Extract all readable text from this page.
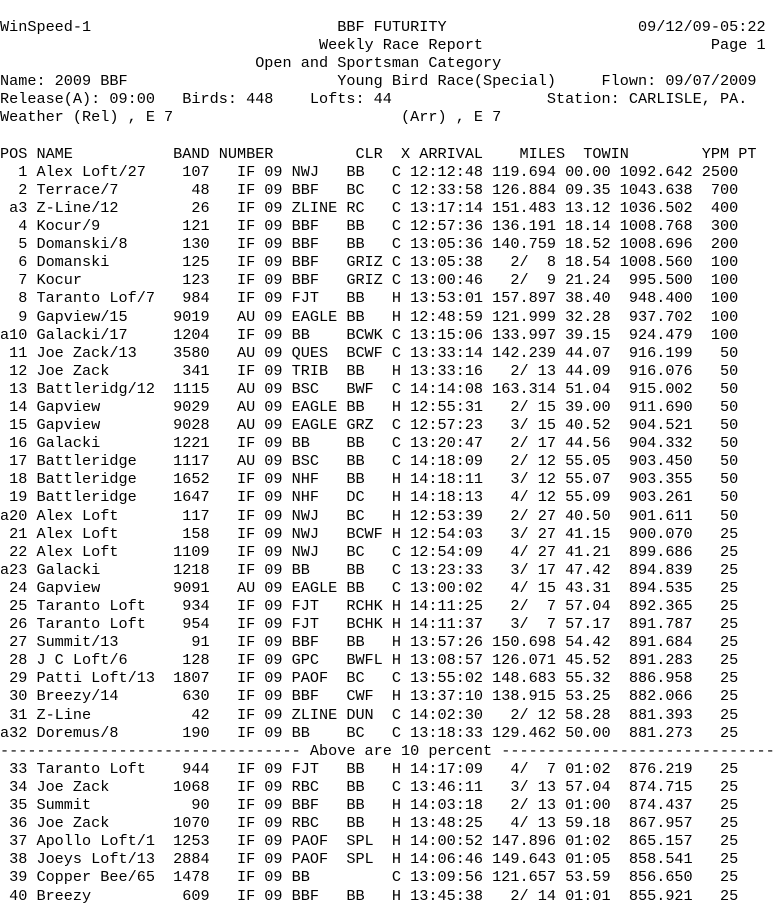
WinSpeed-1                           BBF FUTURITY                     09/12/09-05:22
Weekly Race Report                         Page 1
Open and Sportsman Category
Name: 2009 BBF                       Young Bird Race(Special)     Flown: 09/07/2009
Release(A): 09:00   Birds: 448    Lofts: 44                 Station: CARLISLE, PA.
Weather (Rel) , E 7                         (Arr) , E 7
POS NAME           BAND NUMBER         CLR  X ARRIVAL    MILES  TOWIN        YPM PT
1 Alex Loft/27    107   IF 09 NWJ   BB   C 12:12:48 119.694 00.00 1092.642 2500
2 Terrace/7        48   IF 09 BBF   BC   C 12:33:58 126.884 09.35 1043.638  700
a3 Z-Line/12        26   IF 09 ZLINE RC   C 13:17:14 151.483 13.12 1036.502  400
4 Kocur/9         121   IF 09 BBF   BB   C 12:57:36 136.191 18.14 1008.768  300
5 Domanski/8      130   IF 09 BBF   BB   C 13:05:36 140.759 18.52 1008.696  200
6 Domanski        125   IF 09 BBF   GRIZ C 13:05:38   2/  8 18.54 1008.560  100
7 Kocur           123   IF 09 BBF   GRIZ C 13:00:46   2/  9 21.24  995.500  100
8 Taranto Lof/7   984   IF 09 FJT   BB   H 13:53:01 157.897 38.40  948.400  100
9 Gapview/15     9019   AU 09 EAGLE BB   H 12:48:59 121.999 32.28  937.702  100
a10 Galacki/17     1204   IF 09 BB    BCWK C 13:15:06 133.997 39.15  924.479  100
11 Joe Zack/13    3580   AU 09 QUES  BCWF C 13:33:14 142.239 44.07  916.199   50
12 Joe Zack        341   IF 09 TRIB  BB   H 13:33:16   2/ 13 44.09  916.076   50
13 Battleridg/12  1115   AU 09 BSC   BWF  C 14:14:08 163.314 51.04  915.002   50
14 Gapview        9029   AU 09 EAGLE BB   H 12:55:31   2/ 15 39.00  911.690   50
15 Gapview        9028   AU 09 EAGLE GRZ  C 12:57:23   3/ 15 40.52  904.521   50
16 Galacki        1221   IF 09 BB    BB   C 13:20:47   2/ 17 44.56  904.332   50
17 Battleridge    1117   AU 09 BSC   BB   C 14:18:09   2/ 12 55.05  903.450   50
18 Battleridge    1652   IF 09 NHF   BB   H 14:18:11   3/ 12 55.07  903.355   50
19 Battleridge    1647   IF 09 NHF   DC   H 14:18:13   4/ 12 55.09  903.261   50
a20 Alex Loft       117   IF 09 NWJ   BC   H 12:53:39   2/ 27 40.50  901.611   50
21 Alex Loft       158   IF 09 NWJ   BCWF H 12:54:03   3/ 27 41.15  900.070   25
22 Alex Loft      1109   IF 09 NWJ   BC   C 12:54:09   4/ 27 41.21  899.686   25
a23 Galacki        1218   IF 09 BB    BB   C 13:23:33   3/ 17 47.42  894.839   25
24 Gapview        9091   AU 09 EAGLE BB   C 13:00:02   4/ 15 43.31  894.535   25
25 Taranto Loft    934   IF 09 FJT   RCHK H 14:11:25   2/  7 57.04  892.365   25
26 Taranto Loft    954   IF 09 FJT   BCHK H 14:11:37   3/  7 57.17  891.787   25
27 Summit/13        91   IF 09 BBF   BB   H 13:57:26 150.698 54.42  891.684   25
28 J C Loft/6      128   IF 09 GPC   BWFL H 13:08:57 126.071 45.52  891.283   25
29 Patti Loft/13  1807   IF 09 PAOF  BC   C 13:55:02 148.683 55.32  886.958   25
30 Breezy/14       630   IF 09 BBF   CWF  H 13:37:10 138.915 53.25  882.066   25
31 Z-Line           42   IF 09 ZLINE DUN  C 14:02:30   2/ 12 58.28  881.393   25
a32 Doremus/8       190   IF 09 BB    BC   C 13:18:33 129.462 50.00  881.273   25
--------------------------------- Above are 10 percent ------------------------------
33 Taranto Loft    944   IF 09 FJT   BB   H 14:17:09   4/  7 01:02  876.219   25
34 Joe Zack       1068   IF 09 RBC   BB   C 13:46:11   3/ 13 57.04  874.715   25
35 Summit           90   IF 09 BBF   BB   H 14:03:18   2/ 13 01:00  874.437   25
36 Joe Zack       1070   IF 09 RBC   BB   H 13:48:25   4/ 13 59.18  867.957   25
37 Apollo Loft/1  1253   IF 09 PAOF  SPL  H 14:00:52 147.896 01:02  865.157   25
38 Joeys Loft/13  2884   IF 09 PAOF  SPL  H 14:06:46 149.643 01:05  858.541   25
39 Copper Bee/65  1478   IF 09 BB         C 13:09:56 121.657 53.59  856.650   25
40 Breezy          609   IF 09 BBF   BB   H 13:45:38   2/ 14 01:01  855.921   25
